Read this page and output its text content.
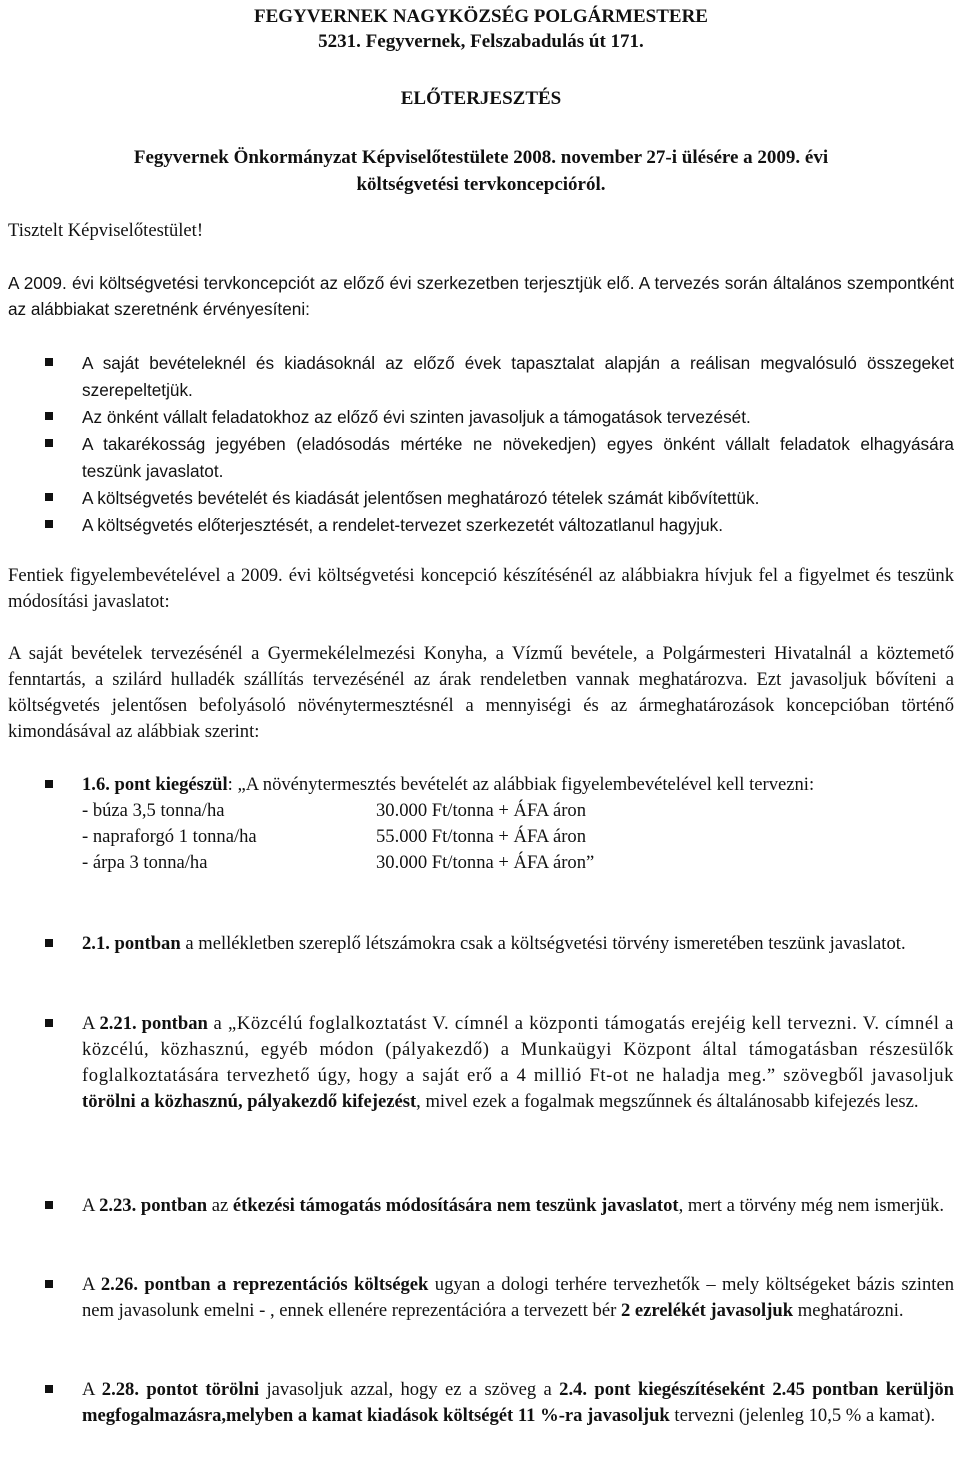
FEGYVERNEK NAGYKÖZSÉG POLGÁRMESTERE
5231. Fegyvernek, Felszabadulás út 171.
ELŐTERJESZTÉS
Fegyvernek Önkormányzat Képviselőtestülete 2008. november 27-i ülésére a 2009. évi
költségvetési tervkoncepcióról.
Tisztelt Képviselőtestület!
A 2009. évi költségvetési tervkoncepciót az előző évi szerkezetben terjesztjük elő. A tervezés során általános szempontként az alábbiakat szeretnénk érvényesíteni:
A saját bevételeknél és kiadásoknál az előző évek tapasztalat alapján a reálisan megvalósuló összegeket szerepeltetjük.
Az önként vállalt feladatokhoz az előző évi szinten javasoljuk a támogatások tervezését.
A takarékosság jegyében (eladósodás mértéke ne növekedjen) egyes önként vállalt feladatok elhagyására teszünk javaslatot.
A költségvetés bevételét és kiadását jelentősen meghatározó tételek számát kibővítettük.
A költségvetés előterjesztését, a rendelet-tervezet szerkezetét változatlanul hagyjuk.
Fentiek figyelembevételével a 2009. évi költségvetési koncepció készítésénél az alábbiakra hívjuk fel a figyelmet és teszünk módosítási javaslatot:
A saját bevételek tervezésénél a Gyermekélelmezési Konyha, a Vízmű bevétele, a Polgármesteri Hivatalnál a köztemető fenntartás, a szilárd hulladék szállítás tervezésénél az árak rendeletben vannak meghatározva. Ezt javasoljuk bővíteni a költségvetés jelentősen befolyásoló növénytermesztésnél a mennyiségi és az ármeghatározások koncepcióban történő kimondásával az alábbiak szerint:
1.6. pont kiegészül: „A növénytermesztés bevételét az alábbiak figyelembevételével kell tervezni:
- búza 3,5 tonna/ha	30.000 Ft/tonna + ÁFA áron
- napraforgó 1 tonna/ha	55.000 Ft/tonna + ÁFA áron
- árpa 3 tonna/ha	30.000 Ft/tonna + ÁFA áron”
2.1. pontban a mellékletben szereplő létszámokra csak a költségvetési törvény ismeretében teszünk javaslatot.
A 2.21. pontban a „Közcélú foglalkoztatást V. címnél a központi támogatás erejéig kell tervezni. V. címnél a közcélú, közhasznú, egyéb módon (pályakezdő) a Munkaügyi Központ által támogatásban részesülők foglalkoztatására tervezhető úgy, hogy a saját erő a 4 millió Ft-ot ne haladja meg.” szövegből javasoljuk törölni a közhasznú, pályakezdő kifejezést, mivel ezek a fogalmak megszűnnek és általánosabb kifejezés lesz.
A 2.23. pontban az étkezési támogatás módosítására nem teszünk javaslatot, mert a törvény még nem ismerjük.
A 2.26. pontban a reprezentációs költségek ugyan a dologi terhére tervezhetők – mely költségeket bázis szinten nem javasolunk emelni - , ennek ellenére reprezentációra a tervezett bér 2 ezrelékét javasoljuk meghatározni.
A 2.28. pontot törölni javasoljuk azzal, hogy ez a szöveg a 2.4. pont kiegészítéseként 2.45 pontban kerüljön megfogalmazásra,melyben a kamat kiadások költségét 11 %-ra javasoljuk tervezni (jelenleg 10,5 % a kamat).
